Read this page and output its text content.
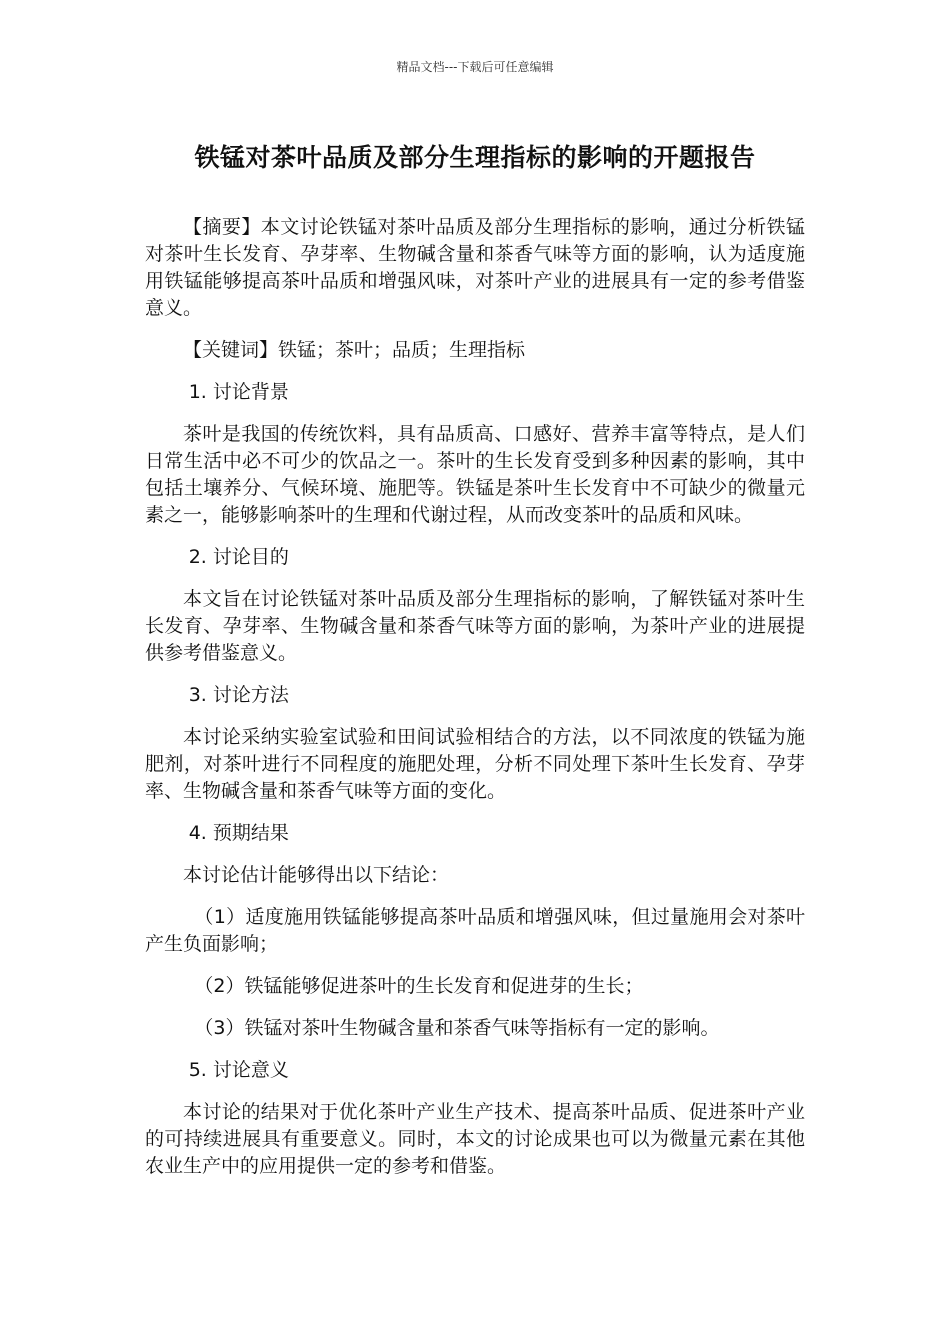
精品文档---下载后可任意编辑
铁锰对茶叶品质及部分生理指标的影响的开题报告

【摘要】本文讨论铁锰对茶叶品质及部分生理指标的影响，通过分析铁锰对茶叶生长发育、孕芽率、生物碱含量和茶香气味等方面的影响，认为适度施用铁锰能够提高茶叶品质和增强风味，对茶叶产业的进展具有一定的参考借鉴意义。

【关键词】铁锰；茶叶；品质；生理指标

1. 讨论背景

茶叶是我国的传统饮料，具有品质高、口感好、营养丰富等特点，是人们日常生活中必不可少的饮品之一。茶叶的生长发育受到多种因素的影响，其中包括土壤养分、气候环境、施肥等。铁锰是茶叶生长发育中不可缺少的微量元素之一，能够影响茶叶的生理和代谢过程，从而改变茶叶的品质和风味。

2. 讨论目的

本文旨在讨论铁锰对茶叶品质及部分生理指标的影响，了解铁锰对茶叶生长发育、孕芽率、生物碱含量和茶香气味等方面的影响，为茶叶产业的进展提供参考借鉴意义。

3. 讨论方法

本讨论采纳实验室试验和田间试验相结合的方法，以不同浓度的铁锰为施肥剂，对茶叶进行不同程度的施肥处理，分析不同处理下茶叶生长发育、孕芽率、生物碱含量和茶香气味等方面的变化。

4. 预期结果

本讨论估计能够得出以下结论：

（1）适度施用铁锰能够提高茶叶品质和增强风味，但过量施用会对茶叶产生负面影响；

（2）铁锰能够促进茶叶的生长发育和促进芽的生长；

（3）铁锰对茶叶生物碱含量和茶香气味等指标有一定的影响。

5. 讨论意义

本讨论的结果对于优化茶叶产业生产技术、提高茶叶品质、促进茶叶产业的可持续进展具有重要意义。同时，本文的讨论成果也可以为微量元素在其他农业生产中的应用提供一定的参考和借鉴。
